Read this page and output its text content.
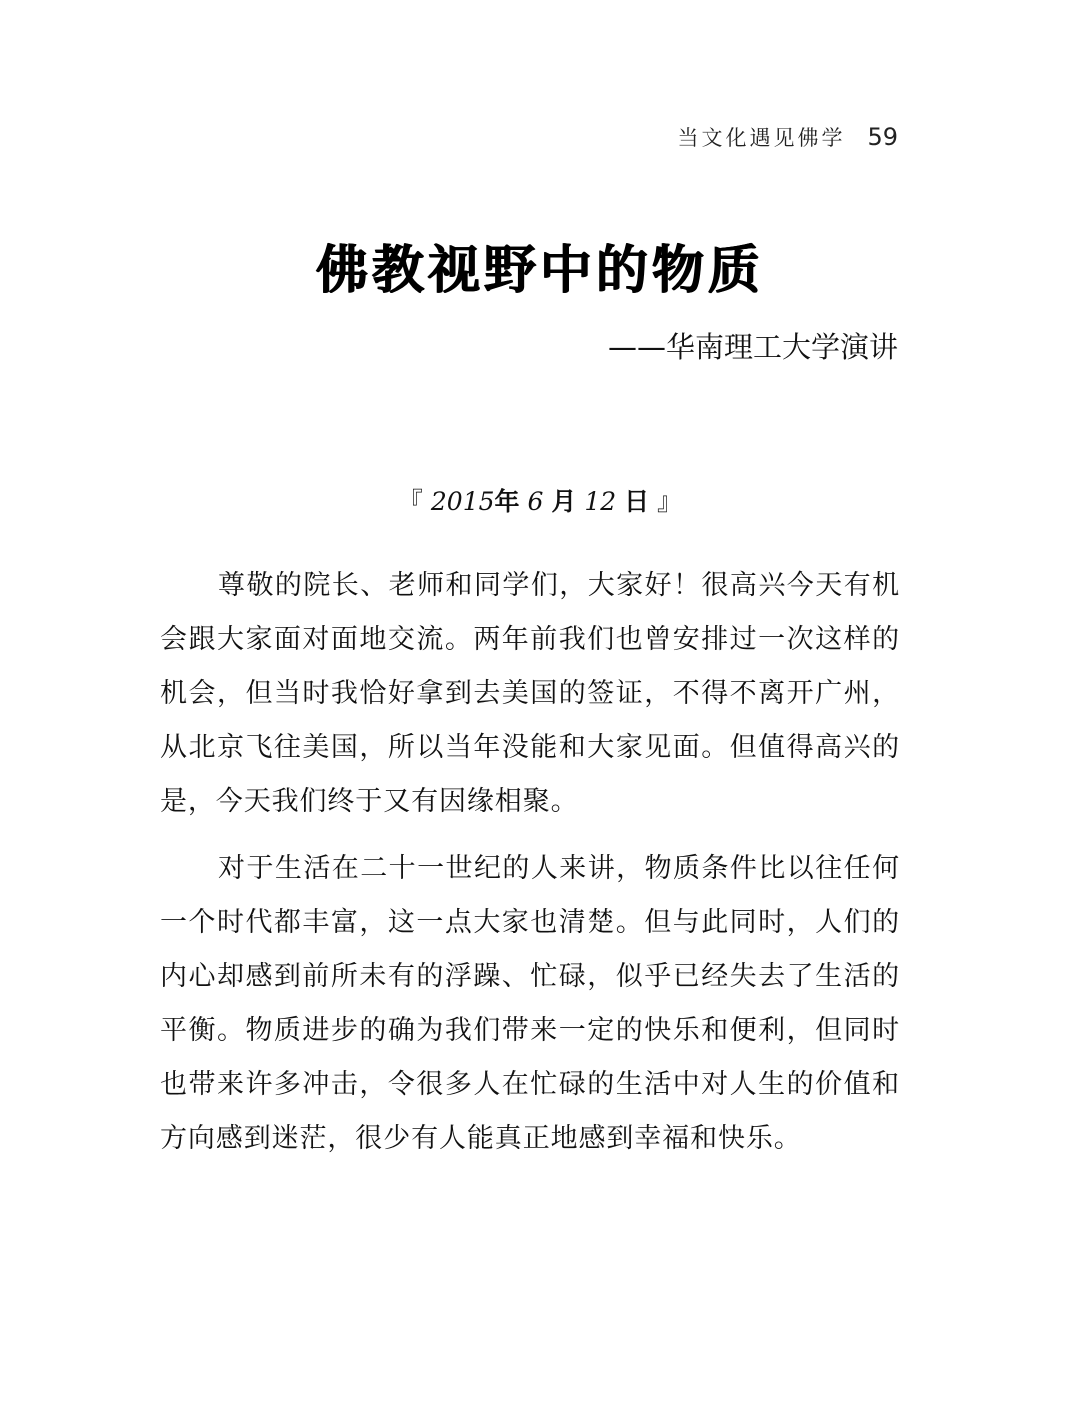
当文化遇见佛学 59
佛教视野中的物质
——华南理工大学演讲
『 2015年 6 月 12 日 』

尊敬的院长、老师和同学们，大家好！很高兴今天有机会跟大家面对面地交流。两年前我们也曾安排过一次这样的机会，但当时我恰好拿到去美国的签证，不得不离开广州，从北京飞往美国，所以当年没能和大家见面。但值得高兴的是，今天我们终于又有因缘相聚。

对于生活在二十一世纪的人来讲，物质条件比以往任何一个时代都丰富，这一点大家也清楚。但与此同时，人们的内心却感到前所未有的浮躁、忙碌，似乎已经失去了生活的平衡。物质进步的确为我们带来一定的快乐和便利，但同时也带来许多冲击，令很多人在忙碌的生活中对人生的价值和方向感到迷茫，很少有人能真正地感到幸福和快乐。
